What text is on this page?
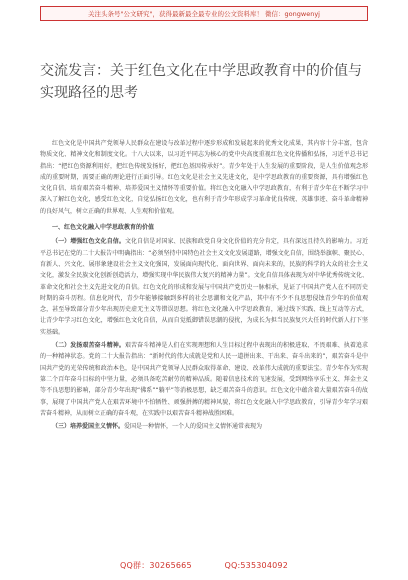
关注头条号"公文研究"，获得最新最全最专业的公文资料库！ 微信：gongwenyj
交流发言：关于红色文化在中学思政教育中的价值与实现路径的思考

红色文化是中国共产党领导人民群众在建设与改革过程中逐步形成和发展起来的优秀文化成果，其内容十分丰富，包含物质文化、精神文化和制度文化。十八大以来，以习近平同志为核心的党中央高度重视红色文化传播和弘扬，习近平总书记指出：“把红色资源利用好，把红色传统发扬好，把红色基因传承好”。青少年处于人生发展的重要阶段，是人生价值观念形成的重要时期，需要正确的理论进行正面引导。红色文化是社会主义先进文化，是中学思政教育的重要资源，具有增强红色文化自信、培育艰苦奋斗精神、培养爱国主义情怀等重要价值。将红色文化融入中学思政教育，有利于青少年在不断学习中深入了解红色文化，感受红色文化，自觉弘扬红色文化，也有利于青少年形成学习革命优良传统、英雄事迹、奋斗革命精神的良好风气，树立正确的世界观、人生观和价值观。

一、红色文化融入中学思政教育的价值

（一）增强红色文化自信。文化自信是对国家、民族和政党自身文化价值的充分肯定，具有深远且持久的影响力。习近平总书记在党的二十大报告中明确指出：“必须坚持中国特色社会主义文化发展道路，增强文化自信，围绕举旗帜、聚民心、育新人、兴文化、展形象建设社会主义文化强国，发展面向现代化、面向世界、面向未来的，民族的科学的大众的社会主义文化，激发全民族文化创新创造活力，增强实现中华民族伟大复兴的精神力量”。文化自信具体表现为对中华优秀传统文化、革命文化和社会主义先进文化的自信。红色文化的形成和发展与中国共产党历史一脉相承，见证了中国共产党人在不同历史时期的奋斗历程。信息化时代，青少年能够接触到多样的社会思潮和文化产品，其中有不少不良思想侵蚀青少年的价值观念，甚至导致部分青少年出现历史虚无主义等错误思想。将红色文化融入中学思政教育，通过线下实践、线上互动等方式，让青少年学习红色文化，增强红色文化自信，从而自觉抵御错误思潮的侵扰，为成长为担当民族复兴大任的时代新人打下坚实基础。

（二）发扬艰苦奋斗精神。艰苦奋斗精神是人们在实现理想和人生目标过程中表现出的积极进取、不畏艰难、执着追求的一种精神状态。党的二十大报告指出：“新时代的伟大成就是党和人民一道拼出来、干出来、奋斗出来的”，艰苦奋斗是中国共产党的光荣传统和政治本色，是中国共产党领导人民群众取得革命、建设、改革伟大成就的重要法宝。青少年作为实现第二个百年奋斗目标的中坚力量，必须具备吃苦耐劳的精神品质。随着信息技术的飞速发展，受到网络享乐主义、拜金主义等不良思想的影响，部分青少年出现“佛系”“躺平”等消极思想，缺乏艰苦奋斗的意识。红色文化中蕴含着大量艰苦奋斗的故事，展现了中国共产党人在艰苦环境中不怕牺牲、顽强拼搏的精神风貌，将红色文化融入中学思政教育，引导青少年学习艰苦奋斗精神，从而树立正确的奋斗观，在实践中以艰苦奋斗精神战胜困难。

（三）培养爱国主义情怀。爱国是一种情怀，一个人的爱国主义情怀通常表现为

QQ群：30265665	QQ:535304092
